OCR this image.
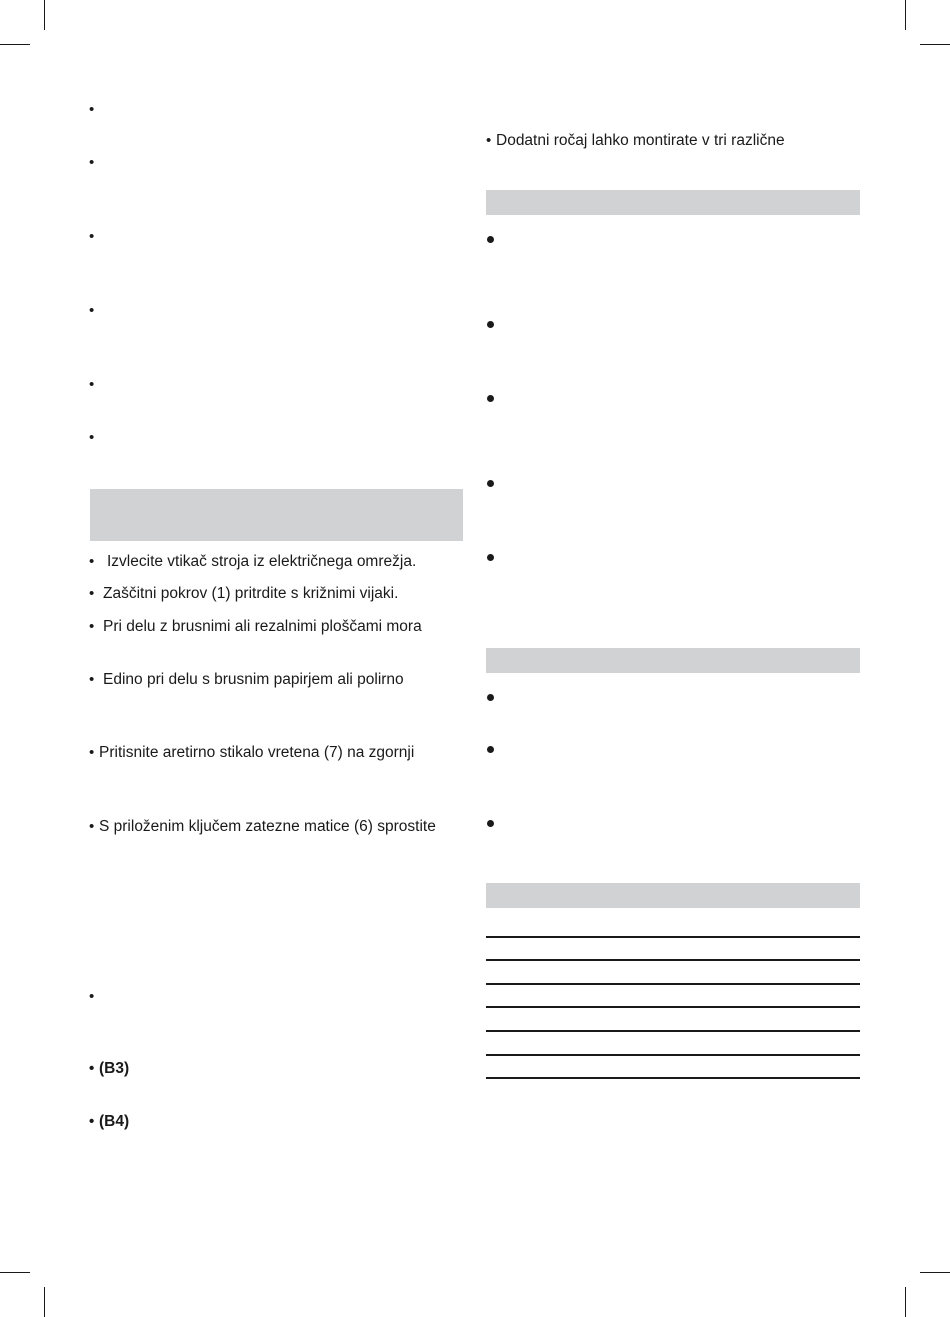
•
•
•
•
•
•
• Izvlecite vtikač stroja iz električnega omrežja.
• Zaščitni pokrov (1) pritrdite s križnimi vijaki.
• Pri delu z brusnimi ali rezalnimi ploščami mora
• Edino pri delu s brusnim papirjem ali polirno
• Pritisnite aretirno stikalo vretena (7) na zgornji
• S priloženim ključem zatezne matice (6) sprostite
•
• (B3)
• (B4)
• Dodatni ročaj lahko montirate v tri različne
